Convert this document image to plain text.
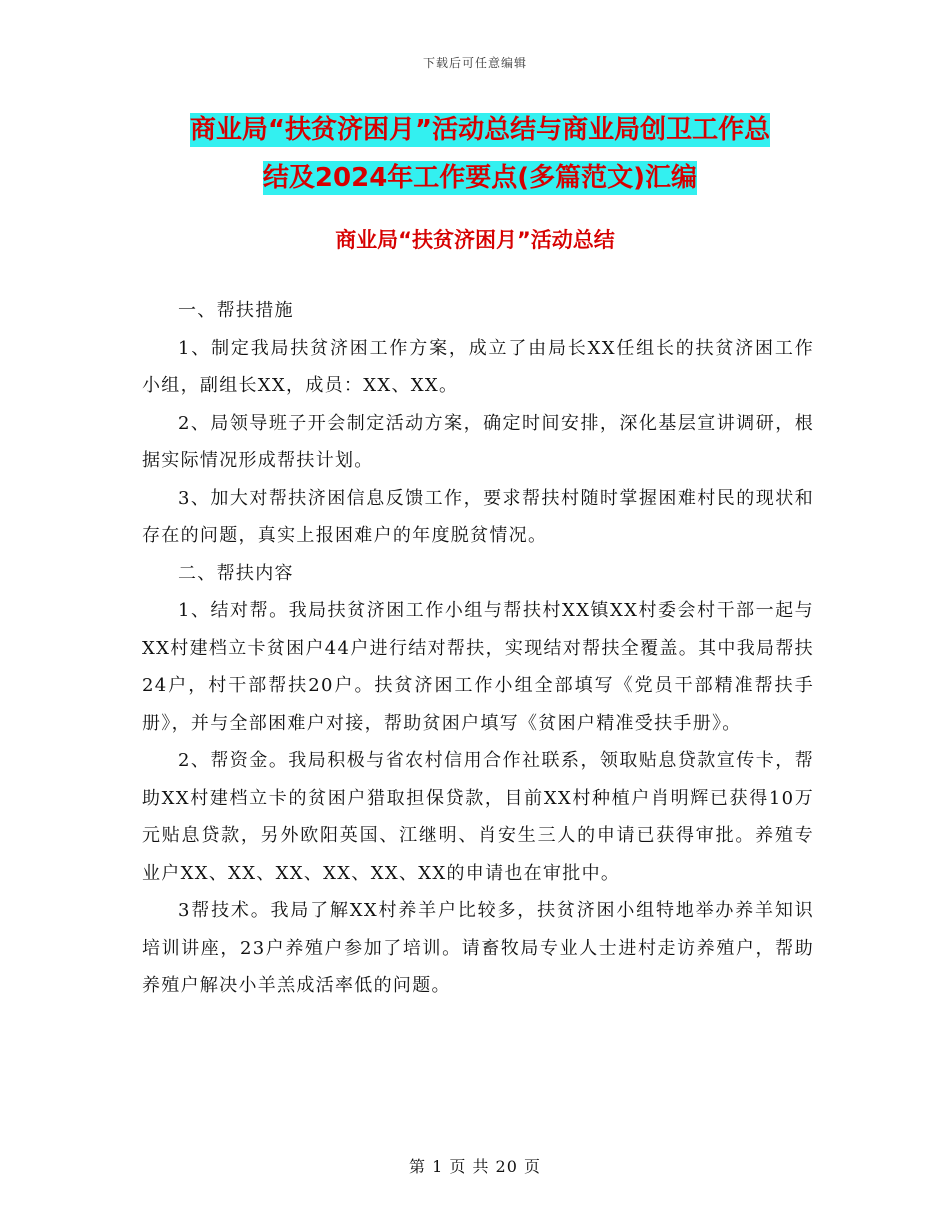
下载后可任意编辑
商业局“扶贫济困月”活动总结与商业局创卫工作总
结及2024年工作要点(多篇范文)汇编
商业局“扶贫济困月”活动总结

一、帮扶措施

1、制定我局扶贫济困工作方案，成立了由局长XX任组长的扶贫济困工作小组，副组长XX，成员：XX、XX。

2、局领导班子开会制定活动方案，确定时间安排，深化基层宣讲调研，根据实际情况形成帮扶计划。

3、加大对帮扶济困信息反馈工作，要求帮扶村随时掌握困难村民的现状和存在的问题，真实上报困难户的年度脱贫情况。

二、帮扶内容

1、结对帮。我局扶贫济困工作小组与帮扶村XX镇XX村委会村干部一起与XX村建档立卡贫困户44户进行结对帮扶，实现结对帮扶全覆盖。其中我局帮扶24户，村干部帮扶20户。扶贫济困工作小组全部填写《党员干部精准帮扶手册》，并与全部困难户对接，帮助贫困户填写《贫困户精准受扶手册》。

2、帮资金。我局积极与省农村信用合作社联系，领取贴息贷款宣传卡，帮助XX村建档立卡的贫困户猎取担保贷款，目前XX村种植户肖明辉已获得10万元贴息贷款，另外欧阳英国、江继明、肖安生三人的申请已获得审批。养殖专业户XX、XX、XX、XX、XX、XX的申请也在审批中。

3帮技术。我局了解XX村养羊户比较多，扶贫济困小组特地举办养羊知识培训讲座，23户养殖户参加了培训。请畜牧局专业人士进村走访养殖户，帮助养殖户解决小羊羔成活率低的问题。

第 1 页 共 20 页
